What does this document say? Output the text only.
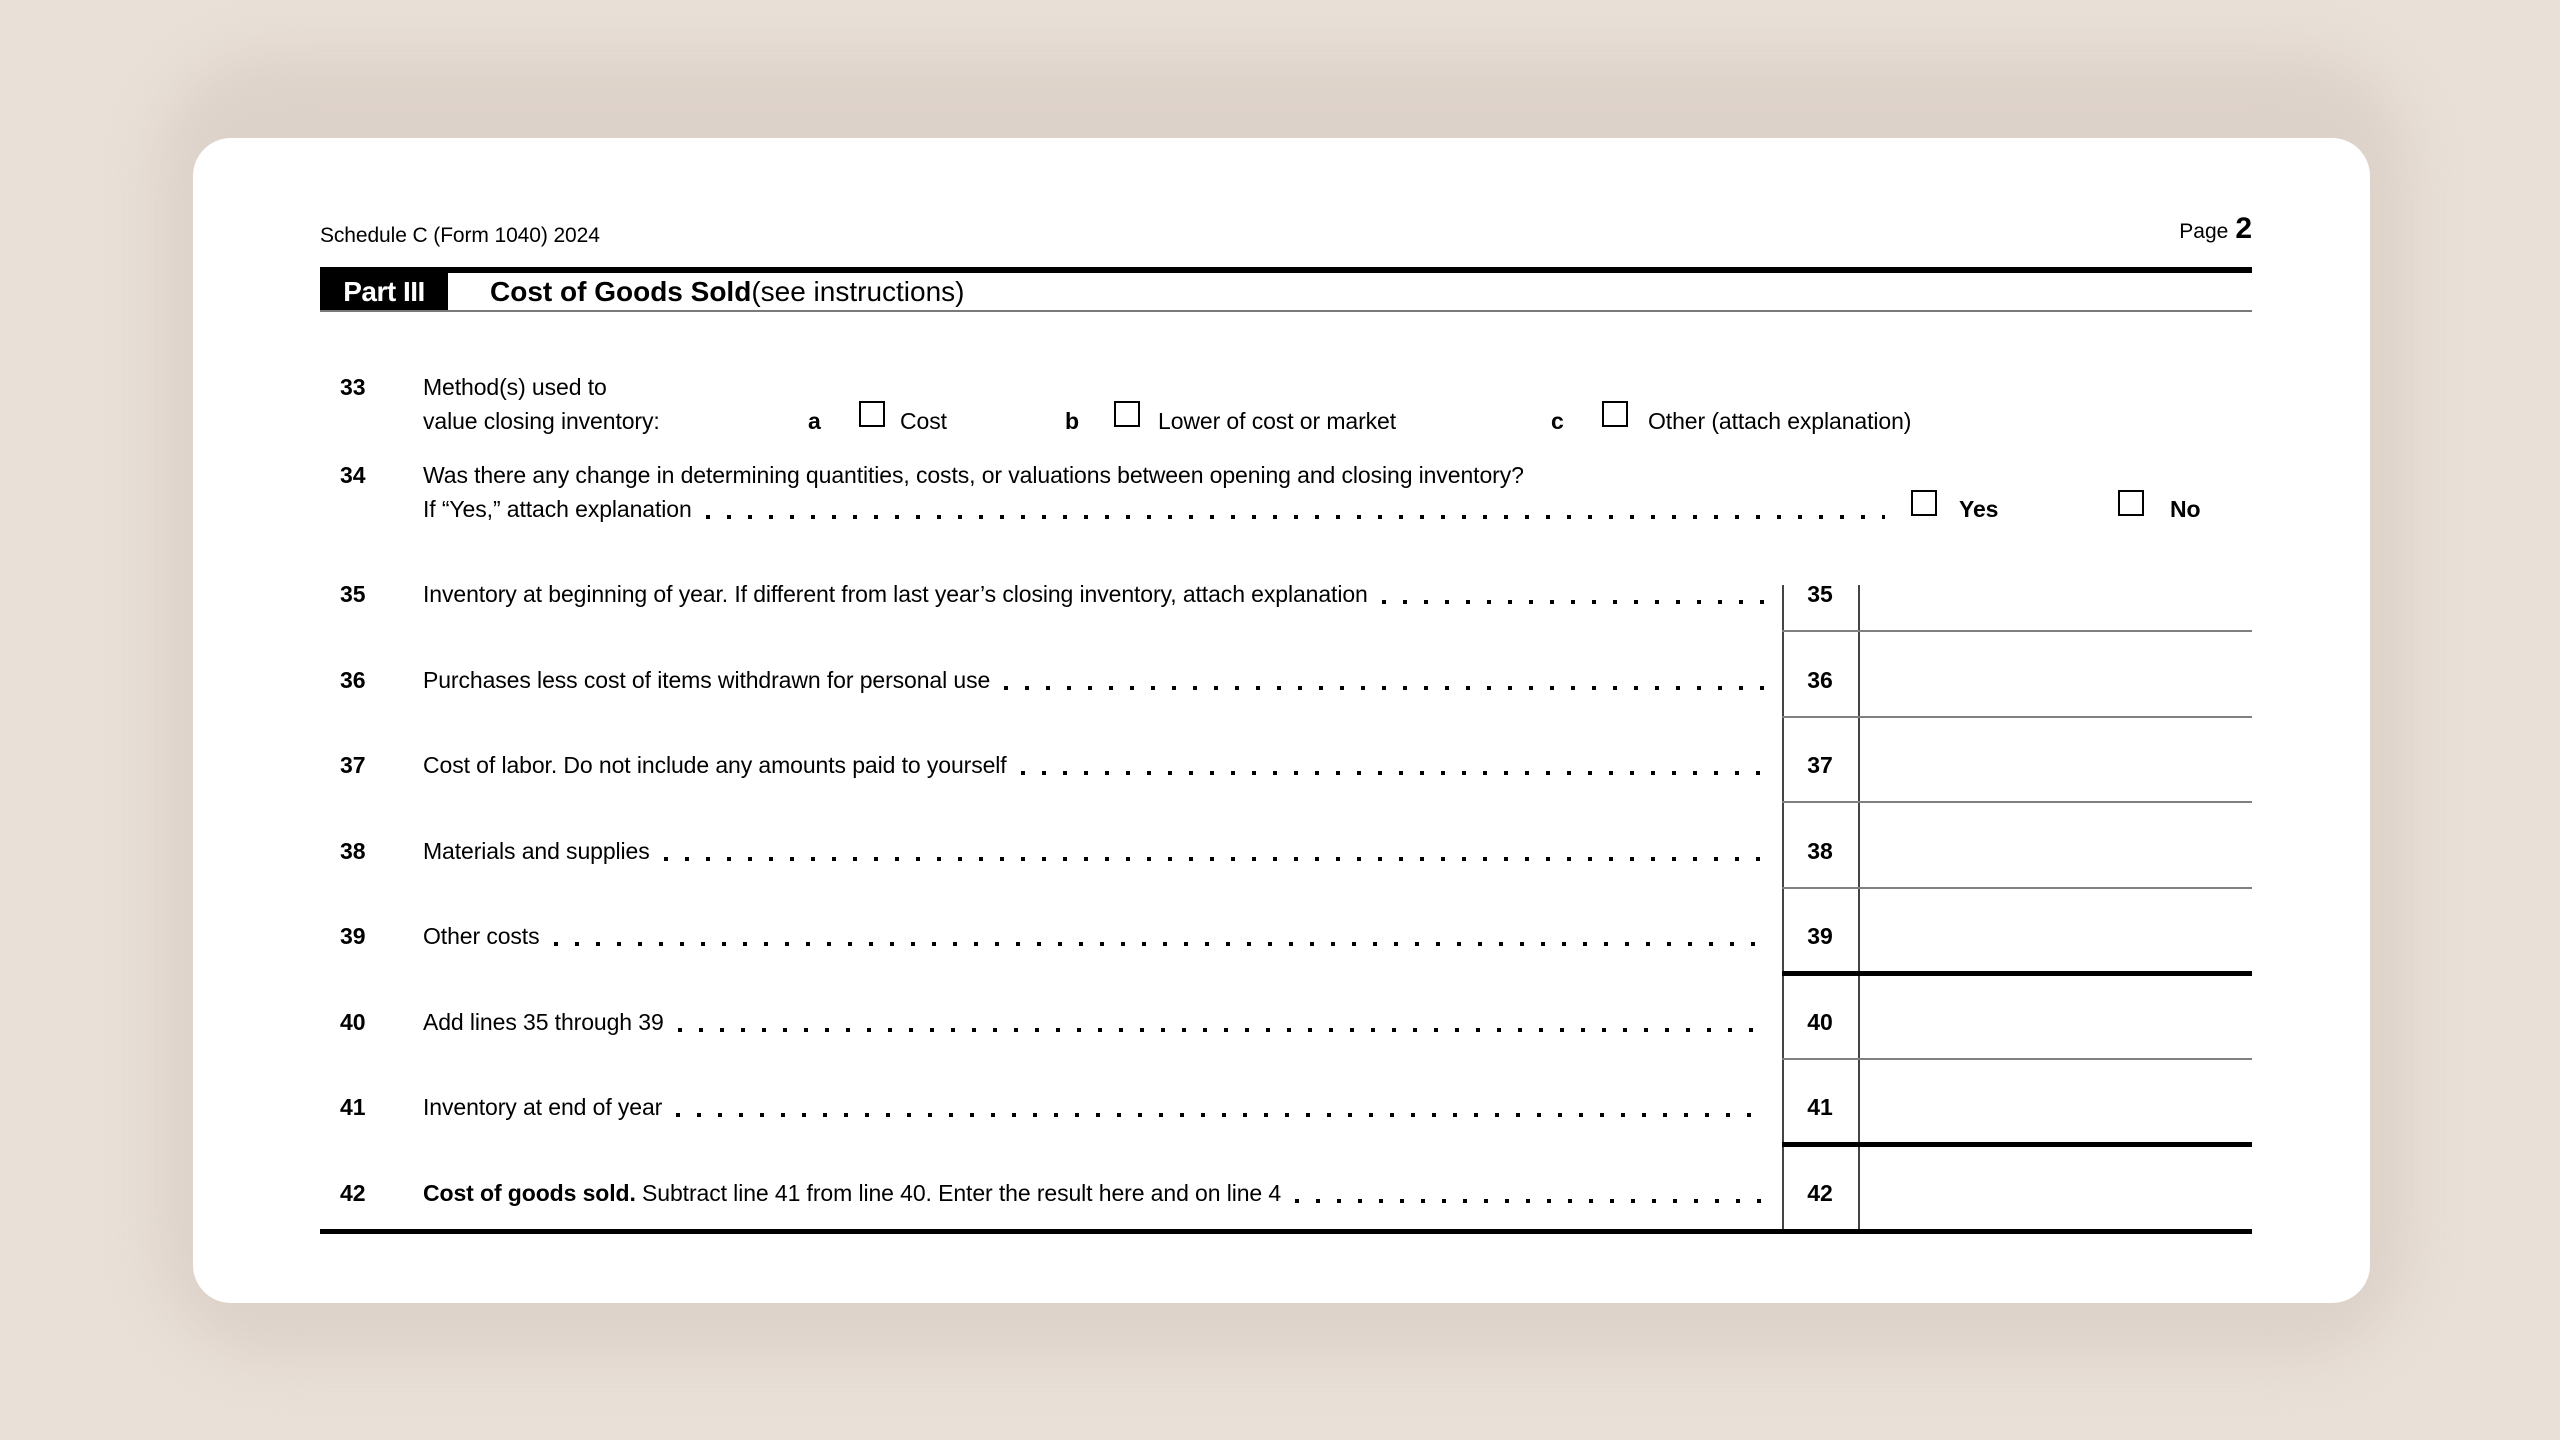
Schedule C (Form 1040) 2024	Page 2
Part III	Cost of Goods Sold(see instructions)
33	Method(s) used to
value closing inventory:	a	Cost	b	Lower of cost or market	c	Other (attach explanation)
34	Was there any change in determining quantities, costs, or valuations between opening and closing inventory?
If “Yes,” attach explanation	Yes	No
35	Inventory at beginning of year. If different from last year’s closing inventory, attach explanation	35
36	Purchases less cost of items withdrawn for personal use	36
37	Cost of labor. Do not include any amounts paid to yourself	37
38	Materials and supplies	38
39	Other costs	39
40	Add lines 35 through 39	40
41	Inventory at end of year	41
42	Cost of goods sold. Subtract line 41 from line 40. Enter the result here and on line 4	42
